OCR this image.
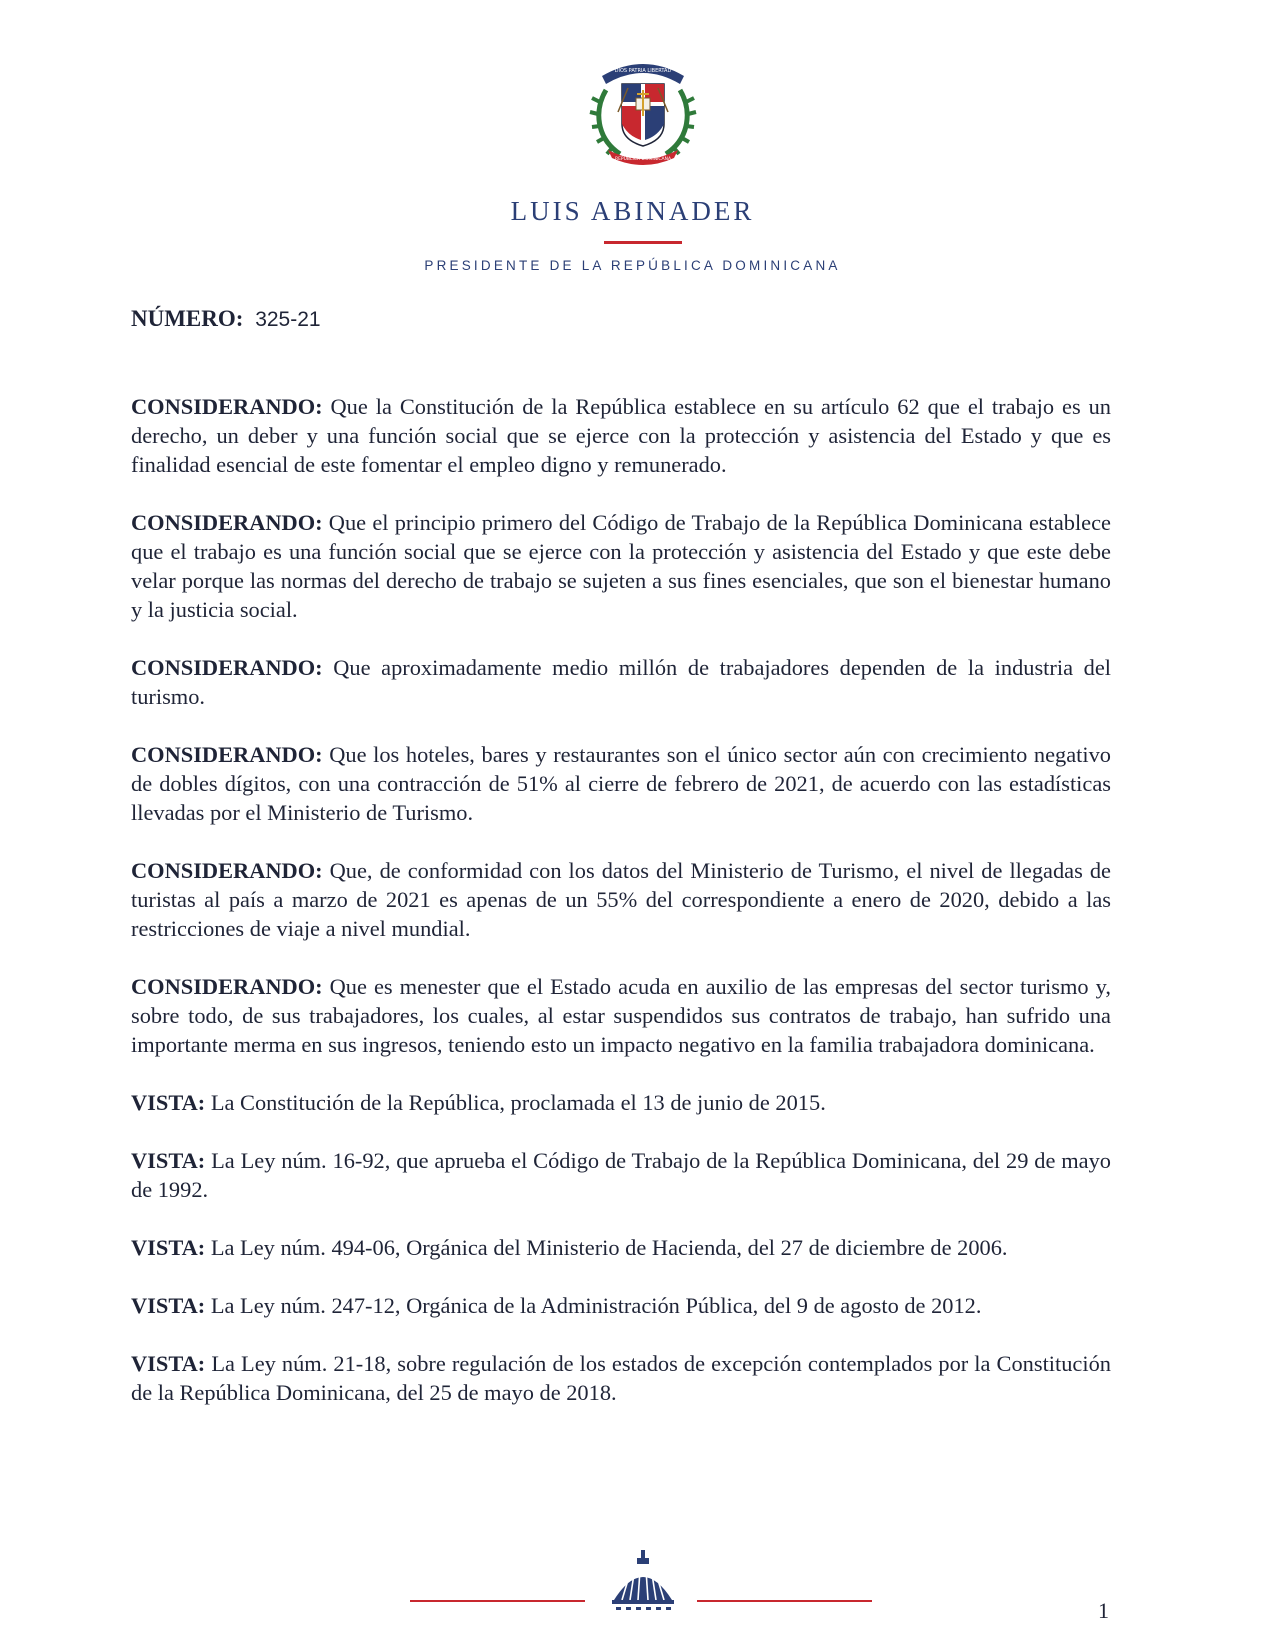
DIOS PATRIA LIBERTAD
REPÚBLICA DOMINICANA
LUIS ABINADER
PRESIDENTE DE LA REPÚBLICA DOMINICANA
NÚMERO: 325-21

CONSIDERANDO: Que la Constitución de la República establece en su artículo 62 que el trabajo es un derecho, un deber y una función social que se ejerce con la protección y asistencia del Estado y que es finalidad esencial de este fomentar el empleo digno y remunerado.

CONSIDERANDO: Que el principio primero del Código de Trabajo de la República Dominicana establece que el trabajo es una función social que se ejerce con la protección y asistencia del Estado y que este debe velar porque las normas del derecho de trabajo se sujeten a sus fines esenciales, que son el bienestar humano y la justicia social.

CONSIDERANDO: Que aproximadamente medio millón de trabajadores dependen de la industria del turismo.

CONSIDERANDO: Que los hoteles, bares y restaurantes son el único sector aún con crecimiento negativo de dobles dígitos, con una contracción de 51% al cierre de febrero de 2021, de acuerdo con las estadísticas llevadas por el Ministerio de Turismo.

CONSIDERANDO: Que, de conformidad con los datos del Ministerio de Turismo, el nivel de llegadas de turistas al país a marzo de 2021 es apenas de un 55% del correspondiente a enero de 2020, debido a las restricciones de viaje a nivel mundial.

CONSIDERANDO: Que es menester que el Estado acuda en auxilio de las empresas del sector turismo y, sobre todo, de sus trabajadores, los cuales, al estar suspendidos sus contratos de trabajo, han sufrido una importante merma en sus ingresos, teniendo esto un impacto negativo en la familia trabajadora dominicana.

VISTA: La Constitución de la República, proclamada el 13 de junio de 2015.

VISTA: La Ley núm. 16-92, que aprueba el Código de Trabajo de la República Dominicana, del 29 de mayo de 1992.

VISTA: La Ley núm. 494-06, Orgánica del Ministerio de Hacienda, del 27 de diciembre de 2006.

VISTA: La Ley núm. 247-12, Orgánica de la Administración Pública, del 9 de agosto de 2012.

VISTA: La Ley núm. 21-18, sobre regulación de los estados de excepción contemplados por la Constitución de la República Dominicana, del 25 de mayo de 2018.

1
